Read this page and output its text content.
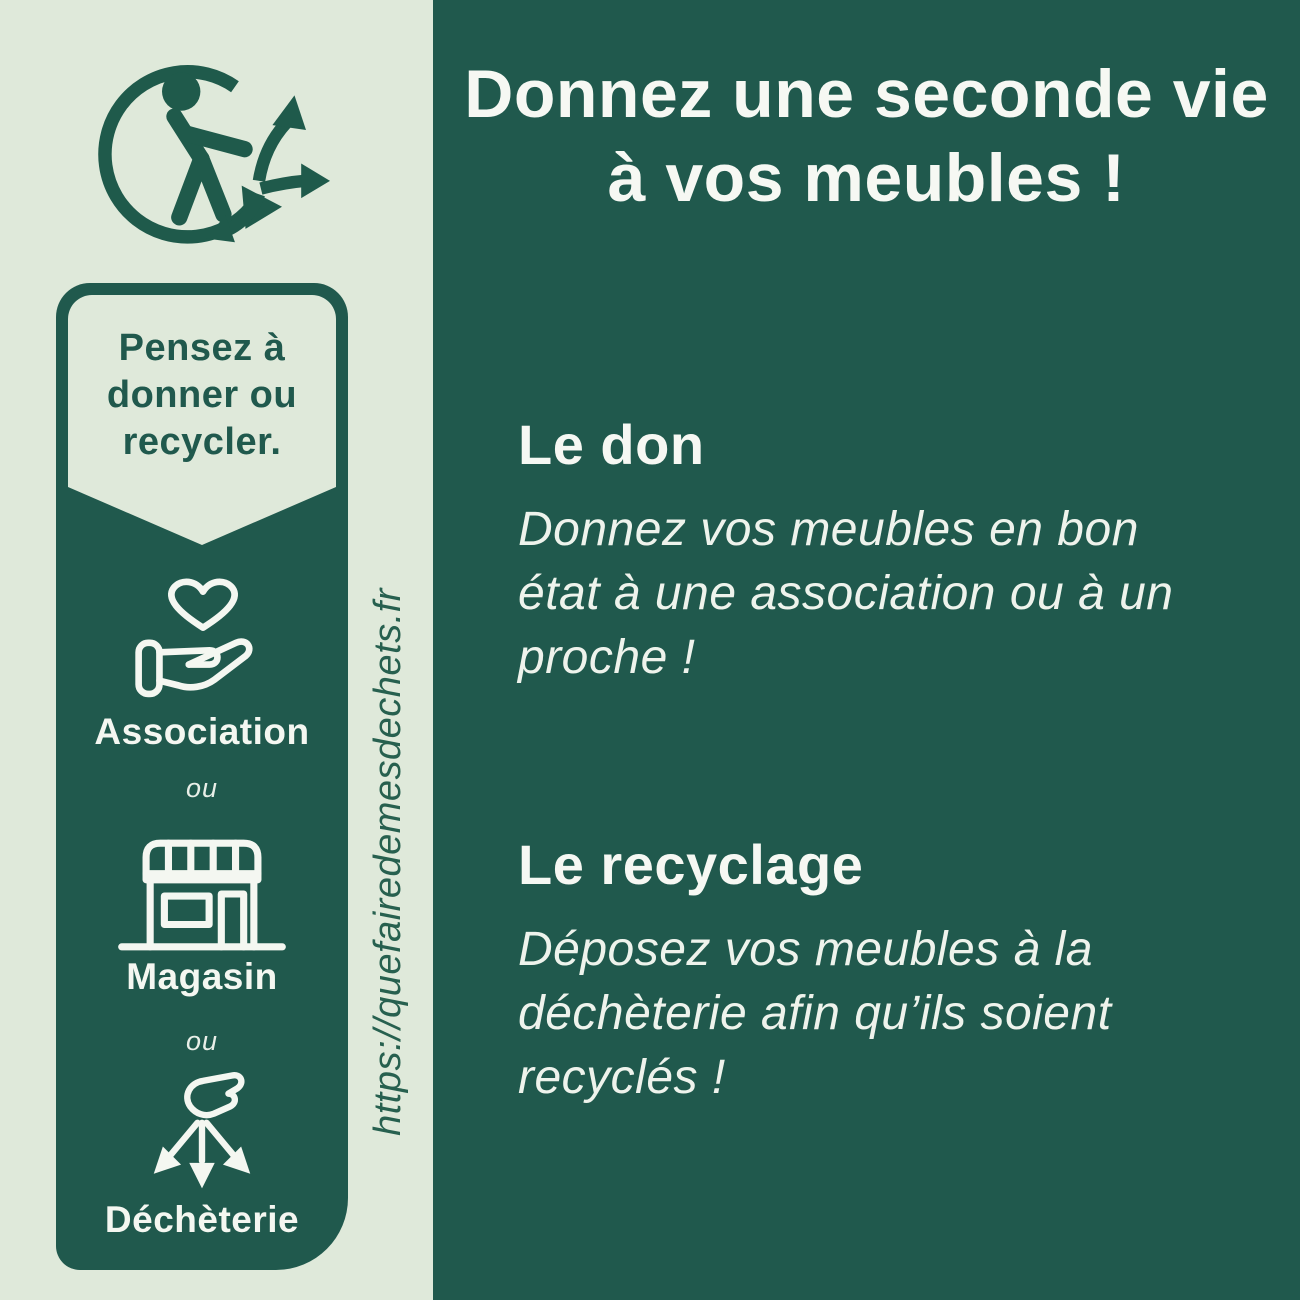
Pensez à
donner ou
recycler.
Association
ou
Magasin
ou
Déchèterie
https://quefairedemesdechets.fr
Donnez une seconde vie
à vos meubles !
Le don
Donnez vos meubles en bon
état à une association ou à un
proche !
Le recyclage
Déposez vos meubles à la
déchèterie afin qu’ils soient
recyclés !
